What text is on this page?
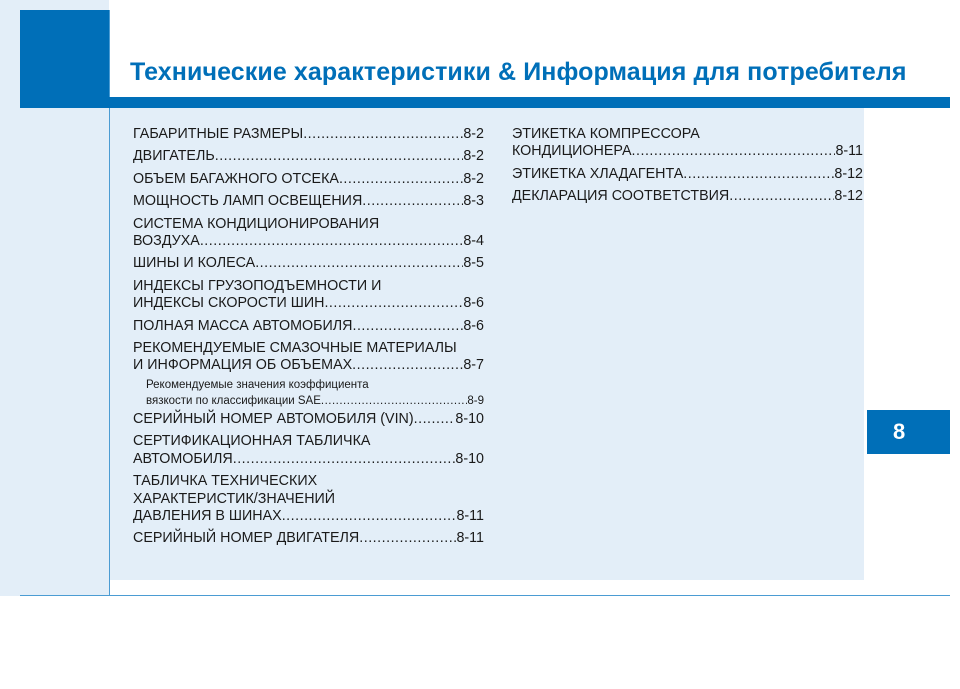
Технические характеристики & Информация для потребителя
8
ГАБАРИТНЫЕ РАЗМЕРЫ .....	8-2
ДВИГАТЕЛЬ .....	8-2
ОБЪЕМ БАГАЖНОГО ОТСЕКА .....	8-2
МОЩНОСТЬ ЛАМП ОСВЕЩЕНИЯ .....	8-3
СИСТЕМА КОНДИЦИОНИРОВАНИЯ
ВОЗДУХА .....	8-4
ШИНЫ И КОЛЕСА .....	8-5
ИНДЕКСЫ ГРУЗОПОДЪЕМНОСТИ И
ИНДЕКСЫ СКОРОСТИ ШИН .....	8-6
ПОЛНАЯ МАССА АВТОМОБИЛЯ .....	8-6
РЕКОМЕНДУЕМЫЕ СМАЗОЧНЫЕ МАТЕРИАЛЫ
И ИНФОРМАЦИЯ ОБ ОБЪЕМАХ .....	8-7
Рекомендуемые значения коэффициента
вязкости по классификации SAE .....	8-9
СЕРИЙНЫЙ НОМЕР АВТОМОБИЛЯ (VIN) .....	8-10
СЕРТИФИКАЦИОННАЯ ТАБЛИЧКА
АВТОМОБИЛЯ .....	8-10
ТАБЛИЧКА ТЕХНИЧЕСКИХ
ХАРАКТЕРИСТИК/ЗНАЧЕНИЙ
ДАВЛЕНИЯ В ШИНАХ .....	8-11
СЕРИЙНЫЙ НОМЕР ДВИГАТЕЛЯ .....	8-11
ЭТИКЕТКА КОМПРЕССОРА
КОНДИЦИОНЕРА .....	8-11
ЭТИКЕТКА ХЛАДАГЕНТА .....	8-12
ДЕКЛАРАЦИЯ СООТВЕТСТВИЯ .....	8-12
